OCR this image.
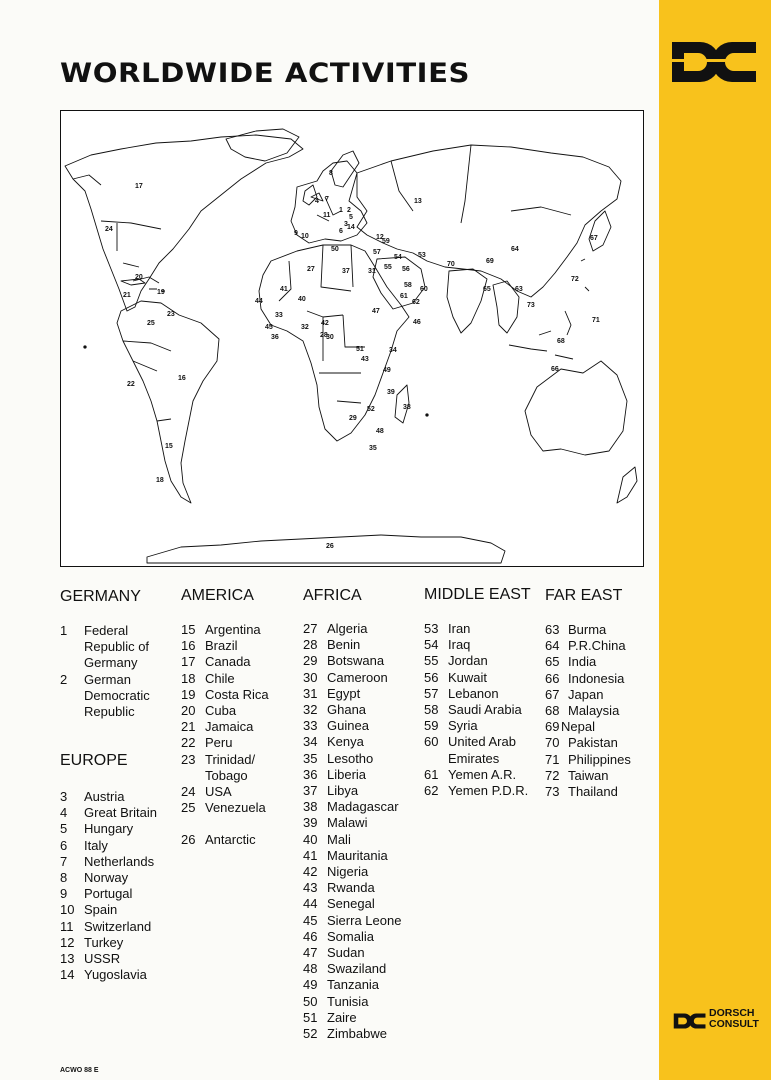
WORLDWIDE ACTIVITIES
1 2
3
4
5
6
7
8
9 10
11
12
13
14
15
16
17
18
19
20
21
22
23
24
25
26
27
28
29
30
31
32
33
34
35
36
37
38
39
40
41
42
43
44
45
46
47
48
49
50
51
52
53
54
55 56
57
58
59
60
61
62
63
64
65
66
67
68
69
70
71
72
73
GERMANY
1	Federal Republic of Germany
2	German Democratic Republic
EUROPE
3	Austria
4	Great Britain
5	Hungary
6	Italy
7	Netherlands
8	Norway
9	Portugal
10 Spain
11 Switzerland
12 Turkey
13 USSR
14 Yugoslavia
AMERICA
15 Argentina
16 Brazil
17 Canada
18 Chile
19 Costa Rica
20 Cuba
21 Jamaica
22 Peru
23 Trinidad/ Tobago
24 USA
25 Venezuela
26 Antarctic
AFRICA
27 Algeria
28 Benin
29 Botswana
30 Cameroon
31 Egypt
32 Ghana
33 Guinea
34 Kenya
35 Lesotho
36 Liberia
37 Libya
38 Madagascar
39 Malawi
40 Mali
41 Mauritania
42 Nigeria
43 Rwanda
44 Senegal
45 Sierra Leone
46 Somalia
47 Sudan
48 Swaziland
49 Tanzania
50 Tunisia
51 Zaire
52 Zimbabwe
MIDDLE EAST
53 Iran
54 Iraq
55 Jordan
56 Kuwait
57 Lebanon
58 Saudi Arabia
59 Syria
60 United Arab Emirates
61 Yemen A.R.
62 Yemen P.D.R.
FAR EAST
63 Burma
64 P.R.China
65 India
66 Indonesia
67 Japan
68 Malaysia
69 Nepal
70 Pakistan
71 Philippines
72 Taiwan
73 Thailand
DORSCH
CONSULT
ACWO 88 E
